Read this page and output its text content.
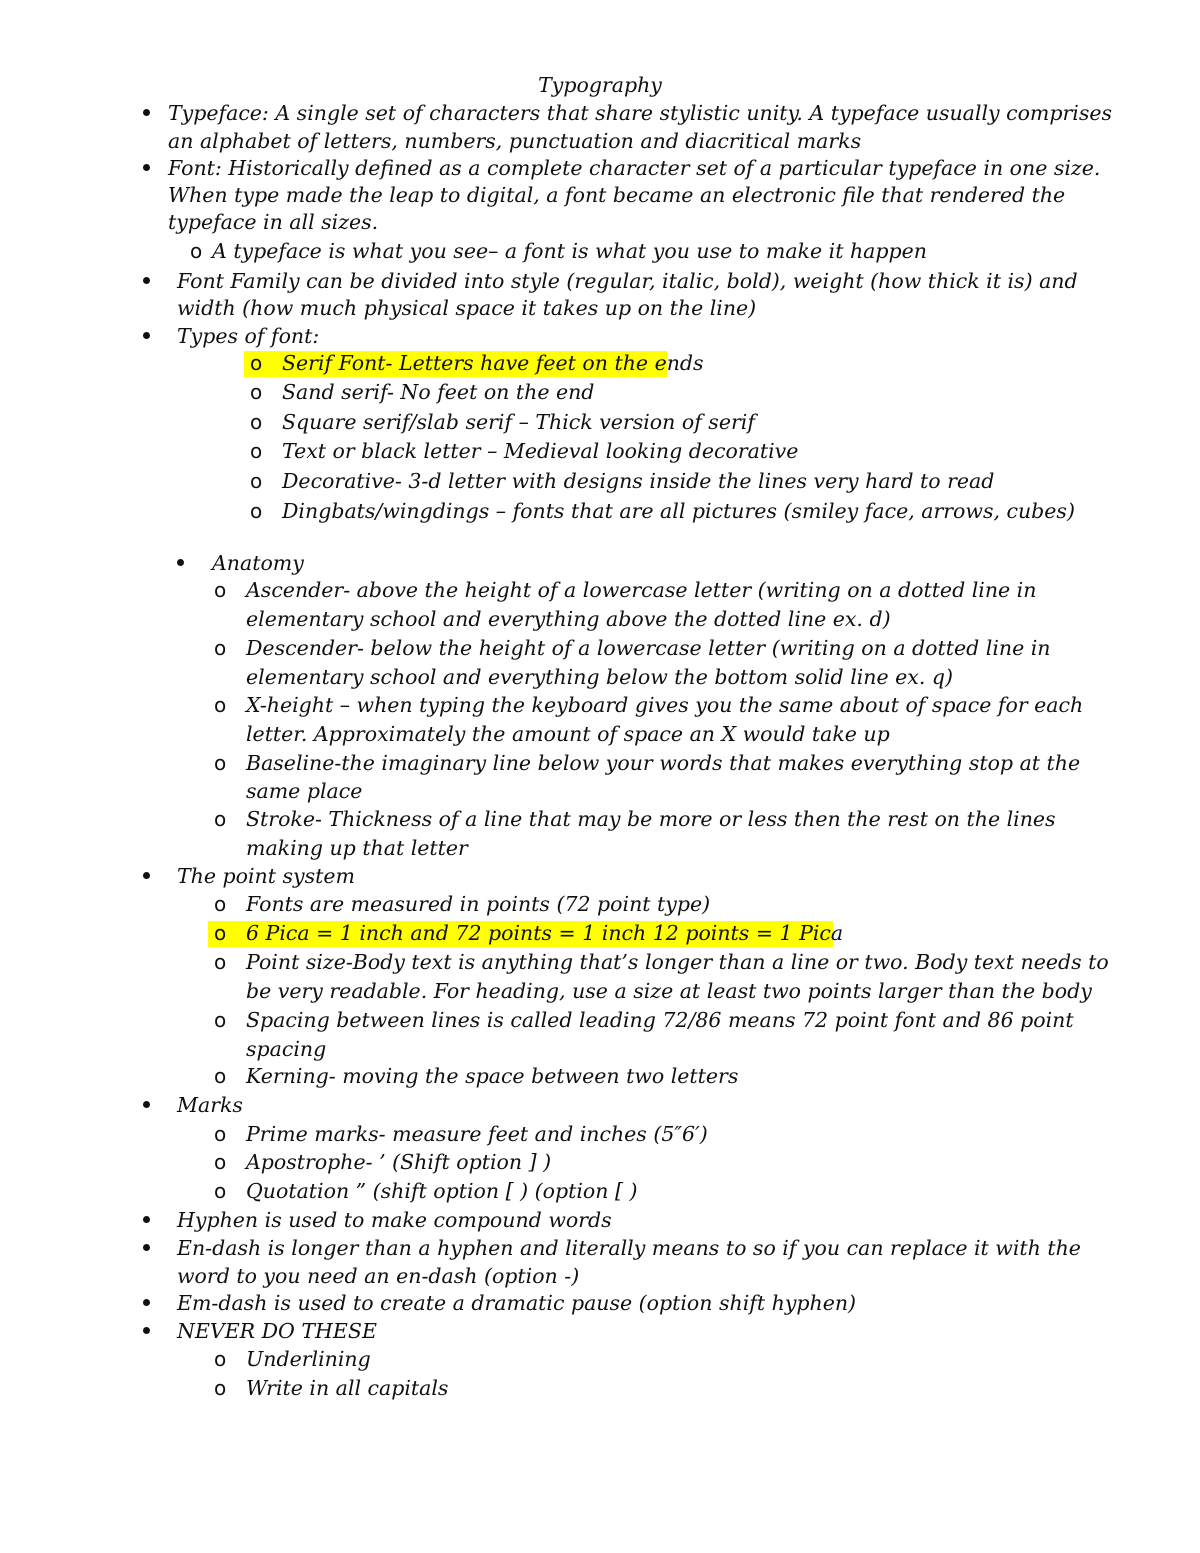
Typography
Typeface: A single set of characters that share stylistic unity. A typeface usually comprises
an alphabet of letters, numbers, punctuation and diacritical marks
Font: Historically defined as a complete character set of a particular typeface in one size.
When type made the leap to digital, a font became an electronic file that rendered the
typeface in all sizes.
o A typeface is what you see– a font is what you use to make it happen
Font Family can be divided into style (regular, italic, bold), weight (how thick it is) and
width (how much physical space it takes up on the line)
Types of font:
o Serif Font- Letters have feet on the ends
o Sand serif- No feet on the end
o Square serif/slab serif – Thick version of serif
o Text or black letter – Medieval looking decorative
o Decorative- 3-d letter with designs inside the lines very hard to read
o Dingbats/wingdings – fonts that are all pictures (smiley face, arrows, cubes)
Anatomy
o Ascender- above the height of a lowercase letter (writing on a dotted line in
elementary school and everything above the dotted line ex. d)
o Descender- below the height of a lowercase letter (writing on a dotted line in
elementary school and everything below the bottom solid line ex. q)
o X-height – when typing the keyboard gives you the same about of space for each
letter. Approximately the amount of space an X would take up
o Baseline-the imaginary line below your words that makes everything stop at the
same place
o Stroke- Thickness of a line that may be more or less then the rest on the lines
making up that letter
The point system
o Fonts are measured in points (72 point type)
o 6 Pica = 1 inch and 72 points = 1 inch 12 points = 1 Pica
o Point size-Body text is anything that’s longer than a line or two. Body text needs to
be very readable. For heading, use a size at least two points larger than the body
o Spacing between lines is called leading 72/86 means 72 point font and 86 point
spacing
o Kerning- moving the space between two letters
Marks
o Prime marks- measure feet and inches (5″6′)
o Apostrophe- ’ (Shift option ] )
o Quotation ” (shift option [ ) (option [ )
Hyphen is used to make compound words
En-dash is longer than a hyphen and literally means to so if you can replace it with the
word to you need an en-dash (option -)
Em-dash is used to create a dramatic pause (option shift hyphen)
NEVER DO THESE
o Underlining
o Write in all capitals
